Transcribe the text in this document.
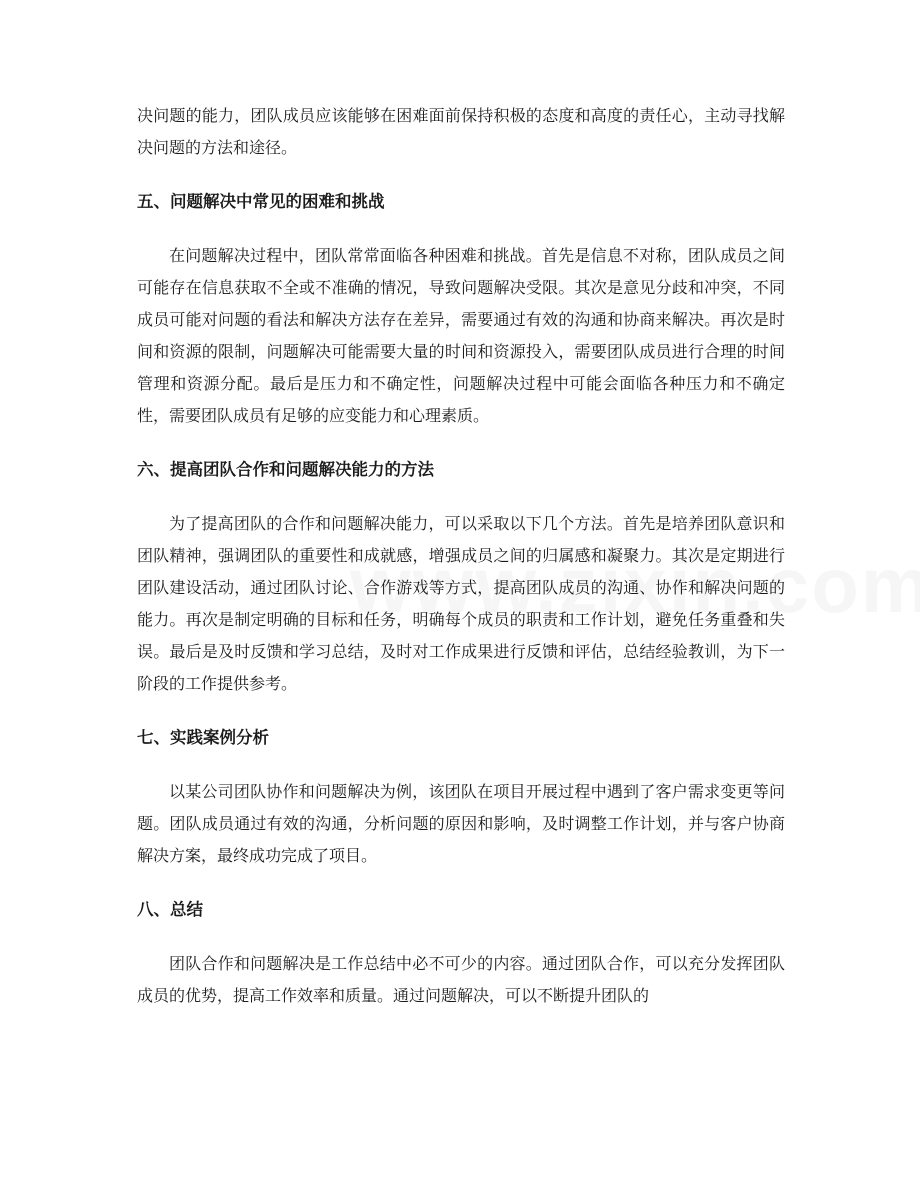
决问题的能力，团队成员应该能够在困难面前保持积极的态度和高度的责任心，主动寻找解决问题的方法和途径。

五、问题解决中常见的困难和挑战

在问题解决过程中，团队常常面临各种困难和挑战。首先是信息不对称，团队成员之间可能存在信息获取不全或不准确的情况，导致问题解决受限。其次是意见分歧和冲突，不同成员可能对问题的看法和解决方法存在差异，需要通过有效的沟通和协商来解决。再次是时间和资源的限制，问题解决可能需要大量的时间和资源投入，需要团队成员进行合理的时间管理和资源分配。最后是压力和不确定性，问题解决过程中可能会面临各种压力和不确定性，需要团队成员有足够的应变能力和心理素质。

六、提高团队合作和问题解决能力的方法

为了提高团队的合作和问题解决能力，可以采取以下几个方法。首先是培养团队意识和团队精神，强调团队的重要性和成就感，增强成员之间的归属感和凝聚力。其次是定期进行团队建设活动，通过团队讨论、合作游戏等方式，提高团队成员的沟通、协作和解决问题的能力。再次是制定明确的目标和任务，明确每个成员的职责和工作计划，避免任务重叠和失误。最后是及时反馈和学习总结，及时对工作成果进行反馈和评估，总结经验教训，为下一阶段的工作提供参考。

七、实践案例分析

以某公司团队协作和问题解决为例，该团队在项目开展过程中遇到了客户需求变更等问题。团队成员通过有效的沟通，分析问题的原因和影响，及时调整工作计划，并与客户协商解决方案，最终成功完成了项目。

八、总结

团队合作和问题解决是工作总结中必不可少的内容。通过团队合作，可以充分发挥团队成员的优势，提高工作效率和质量。通过问题解决，可以不断提升团队的
